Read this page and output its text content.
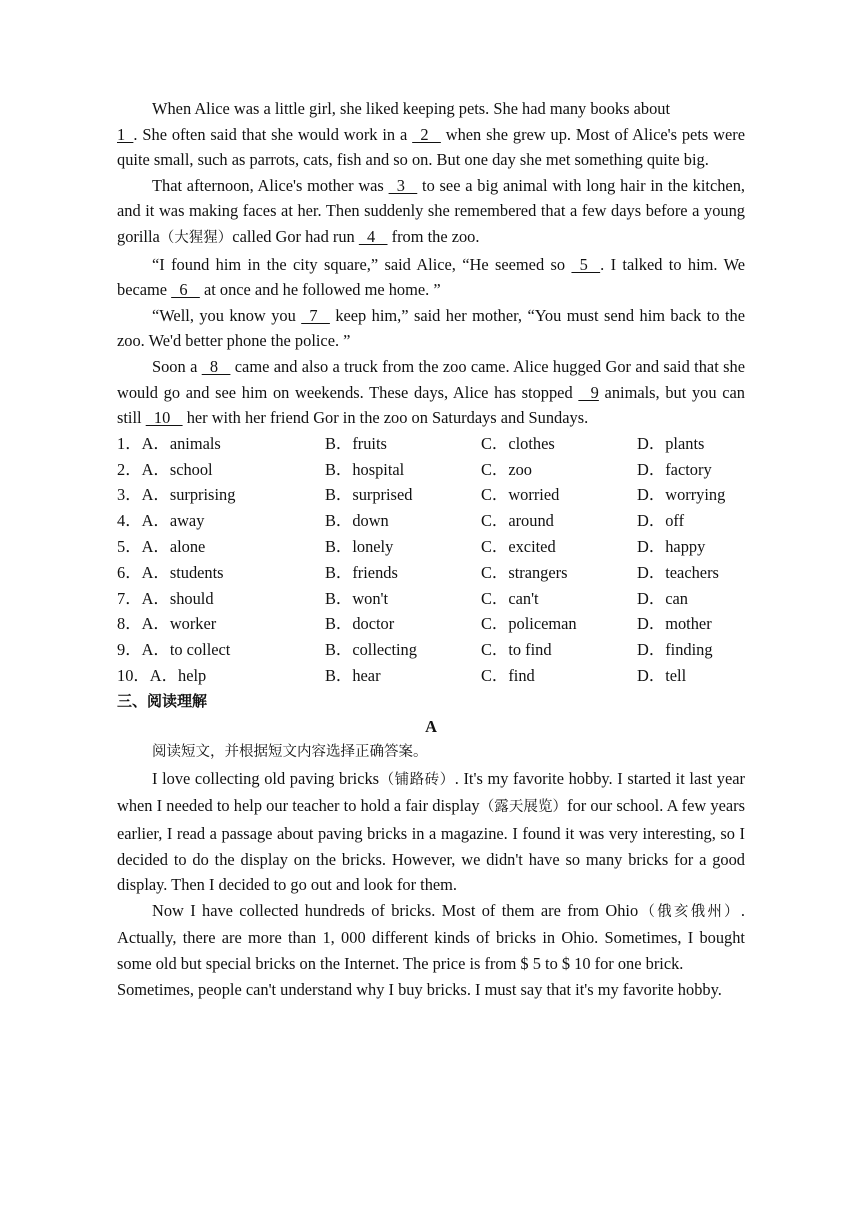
When Alice was a little girl, she liked keeping pets. She had many books about
1  . She often said that she would work in a   2    when she grew up. Most of Alice's pets were quite small, such as parrots, cats, fish and so on. But one day she met something quite big.

That afternoon, Alice's mother was   3    to see a big animal with long hair in the kitchen, and it was making faces at her. Then suddenly she remembered that a few days before a young gorilla（大猩猩）called Gor had run   4    from the zoo.

“I found him in the city square,” said Alice, “He seemed so   5   . I talked to him. We became   6    at once and he followed me home. ”

“Well, you know you   7    keep him,” said her mother, “You must send him back to the zoo. We'd better phone the police. ”

Soon a   8    came and also a truck from the zoo came. Alice hugged Gor and said that she would go and see him on weekends. These days, Alice has stopped    9 animals, but you can still   10    her with her friend Gor in the zoo on Saturdays and Sundays.

1．A．animals	B．fruits	C．clothes	D．plants
2．A．school	B．hospital	C．zoo	D．factory
3．A．surprising	B．surprised	C．worried	D．worrying
4．A．away	B．down	C．around	D．off
5．A．alone	B．lonely	C．excited	D．happy
6．A．students	B．friends	C．strangers	D．teachers
7．A．should	B．won't	C．can't	D．can
8．A．worker	B．doctor	C．policeman	D．mother
9．A．to collect	B．collecting	C．to find	D．finding
10．A．help	B．hear	C．find	D．tell

三、阅读理解

A

阅读短文，并根据短文内容选择正确答案。

I love collecting old paving bricks（铺路砖）. It's my favorite hobby. I started it last year when I needed to help our teacher to hold a fair display（露天展览）for our school. A few years earlier, I read a passage about paving bricks in a magazine. I found it was very interesting, so I decided to do the display on the bricks. However, we didn't have so many bricks for a good display. Then I decided to go out and look for them.

Now I have collected hundreds of bricks. Most of them are from Ohio（俄亥俄州）. Actually, there are more than 1, 000 different kinds of bricks in Ohio. Sometimes, I bought some old but special bricks on the Internet. The price is from $ 5 to $ 10 for one brick.

Sometimes, people can't understand why I buy bricks. I must say that it's my favorite hobby.
